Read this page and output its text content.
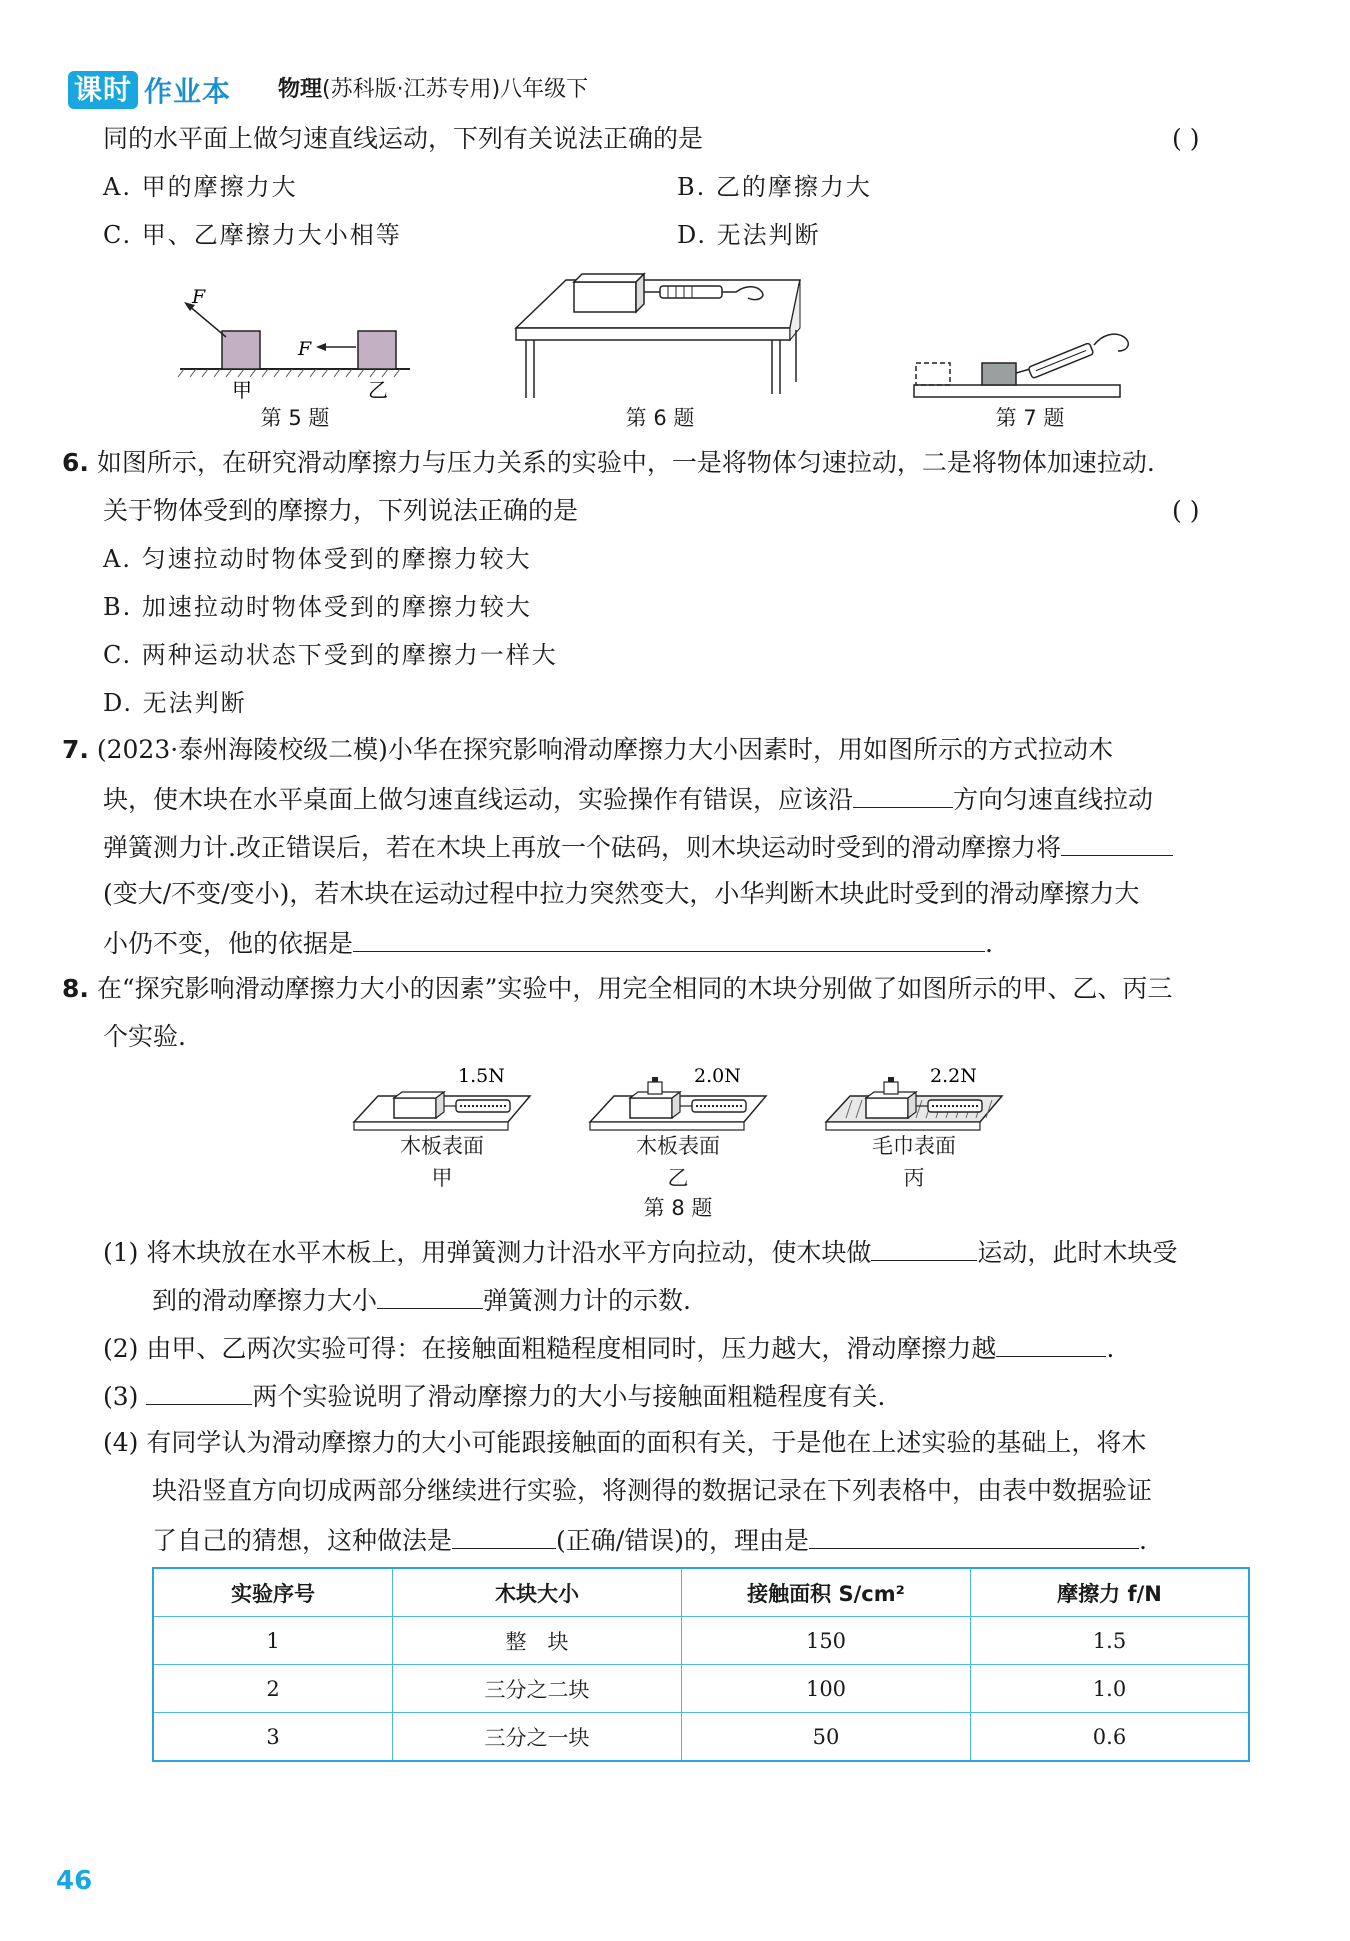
课时 作业本 物理(苏科版·江苏专用)八年级下
同的水平面上做匀速直线运动，下列有关说法正确的是	( )
A. 甲的摩擦力大	B. 乙的摩擦力大
C. 甲、乙摩擦力大小相等	D. 无法判断
F
F
甲	乙
第 5 题	第 6 题	第 7 题
6. 如图所示，在研究滑动摩擦力与压力关系的实验中，一是将物体匀速拉动，二是将物体加速拉动.
关于物体受到的摩擦力，下列说法正确的是	( )
A. 匀速拉动时物体受到的摩擦力较大
B. 加速拉动时物体受到的摩擦力较大
C. 两种运动状态下受到的摩擦力一样大
D. 无法判断
7. (2023·泰州海陵校级二模)小华在探究影响滑动摩擦力大小因素时，用如图所示的方式拉动木
块，使木块在水平桌面上做匀速直线运动，实验操作有错误，应该沿	方向匀速直线拉动
弹簧测力计.改正错误后，若在木块上再放一个砝码，则木块运动时受到的滑动摩擦力将
(变大/不变/变小)，若木块在运动过程中拉力突然变大，小华判断木块此时受到的滑动摩擦力大
小仍不变，他的依据是	.
8. 在“探究影响滑动摩擦力大小的因素”实验中，用完全相同的木块分别做了如图所示的甲、乙、丙三
个实验.
1.5N	2.0N	2.2N
木板表面
甲
木板表面
乙
毛巾表面
丙
第 8 题
(1) 将木块放在水平木板上，用弹簧测力计沿水平方向拉动，使木块做	运动，此时木块受
到的滑动摩擦力大小	弹簧测力计的示数.
(2) 由甲、乙两次实验可得：在接触面粗糙程度相同时，压力越大，滑动摩擦力越	.
(3)	两个实验说明了滑动摩擦力的大小与接触面粗糙程度有关.
(4) 有同学认为滑动摩擦力的大小可能跟接触面的面积有关，于是他在上述实验的基础上，将木
块沿竖直方向切成两部分继续进行实验，将测得的数据记录在下列表格中，由表中数据验证
了自己的猜想，这种做法是	(正确/错误)的，理由是	.
实验序号	木块大小	接触面积 S/cm²	摩擦力 f/N
1	整　块	150	1.5
2	三分之二块	100	1.0
3	三分之一块	50	0.6
46
